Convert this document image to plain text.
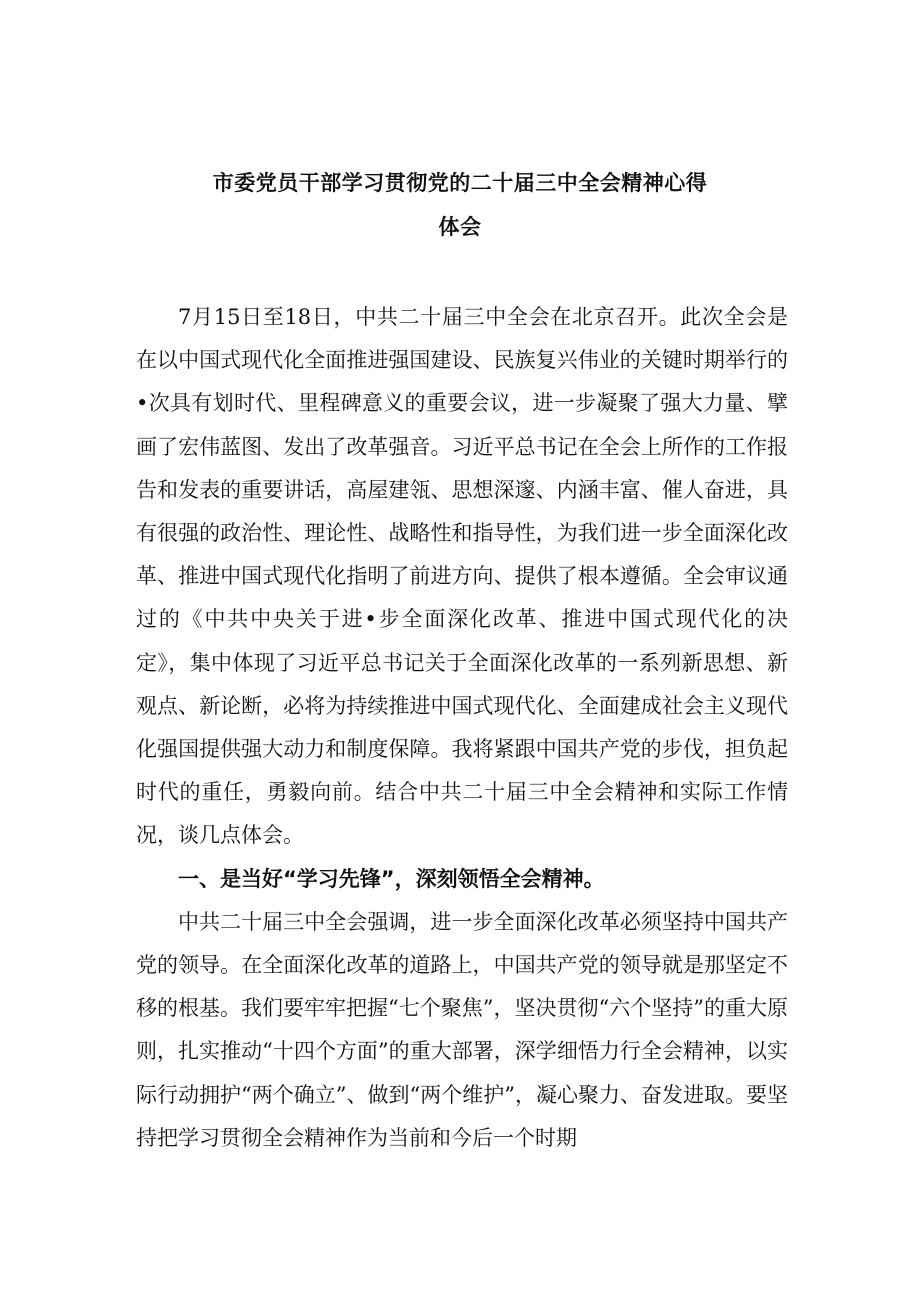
市委党员干部学习贯彻党的二十届三中全会精神心得
体会

7月15日至18日，中共二十届三中全会在北京召开。此次全会是在以中国式现代化全面推进强国建设、民族复兴伟业的关键时期举行的•次具有划时代、里程碑意义的重要会议，进一步凝聚了强大力量、擘画了宏伟蓝图、发出了改革强音。习近平总书记在全会上所作的工作报告和发表的重要讲话，高屋建瓴、思想深邃、内涵丰富、催人奋进，具有很强的政治性、理论性、战略性和指导性，为我们进一步全面深化改革、推进中国式现代化指明了前进方向、提供了根本遵循。全会审议通过的《中共中央关于进•步全面深化改革、推进中国式现代化的决定》，集中体现了习近平总书记关于全面深化改革的一系列新思想、新观点、新论断，必将为持续推进中国式现代化、全面建成社会主义现代化强国提供强大动力和制度保障。我将紧跟中国共产党的步伐，担负起时代的重任，勇毅向前。结合中共二十届三中全会精神和实际工作情况，谈几点体会。

一、是当好“学习先锋”，深刻领悟全会精神。

中共二十届三中全会强调，进一步全面深化改革必须坚持中国共产党的领导。在全面深化改革的道路上，中国共产党的领导就是那坚定不移的根基。我们要牢牢把握“七个聚焦”，坚决贯彻“六个坚持”的重大原则，扎实推动“十四个方面”的重大部署，深学细悟力行全会精神，以实际行动拥护“两个确立”、做到“两个维护”，凝心聚力、奋发进取。要坚持把学习贯彻全会精神作为当前和今后一个时期
